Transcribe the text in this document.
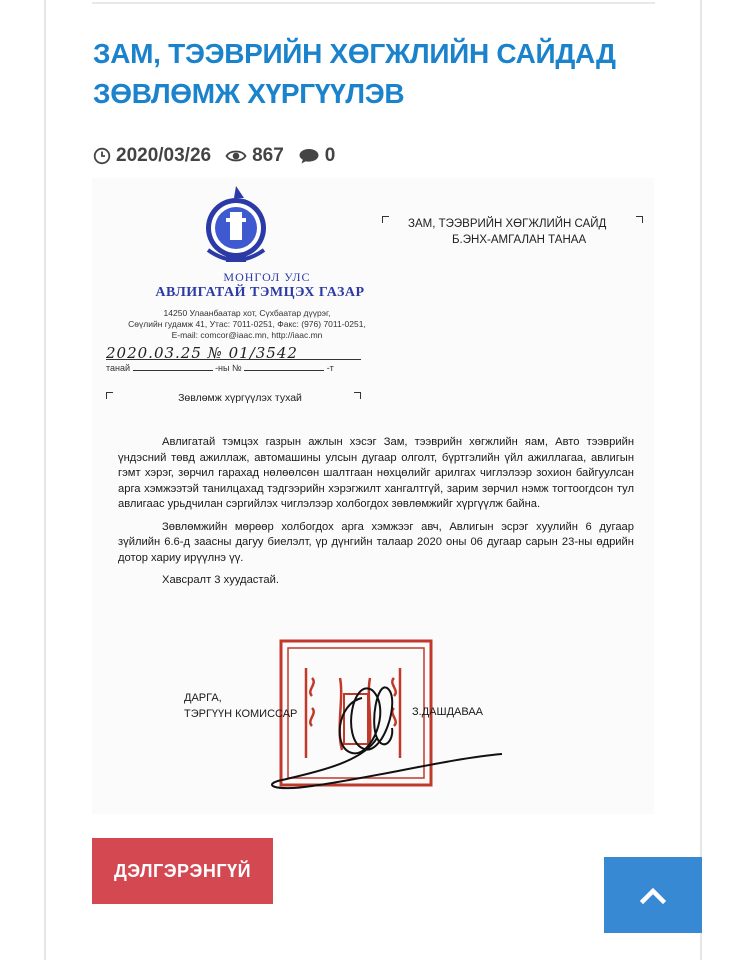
ЗАМ, ТЭЭВРИЙН ХӨГЖЛИЙН САЙДАД
ЗӨВЛӨМЖ ХҮРГҮҮЛЭВ
2020/03/26 867 0
МОНГОЛ УЛС
АВЛИГАТАЙ ТЭМЦЭХ ГАЗАР
14250 Улаанбаатар хот, Сүхбаатар дүүрэг,
Сөүлийн гудамж 41, Утас: 7011-0251, Факс: (976) 7011-0251,
E-mail: comcor@iaac.mn, http://iaac.mn
2020.03.25 № 01/3542
танай	-ны №	-т
ЗАМ, ТЭЭВРИЙН ХӨГЖЛИЙН САЙД
Б.ЭНХ-АМГАЛАН ТАНАА
Зөвлөмж хүргүүлэх тухай

Авлигатай тэмцэх газрын ажлын хэсэг Зам, тээврийн хөгжлийн яам, Авто тээврийн үндэсний төвд ажиллаж, автомашины улсын дугаар олголт, бүртгэлийн үйл ажиллагаа, авлигын гэмт хэрэг, зөрчил гарахад нөлөөлсөн шалтгаан нөхцөлийг арилгах чиглэлээр зохион байгуулсан арга хэмжээтэй танилцахад тэдгээрийн хэрэгжилт хангалтгүй, зарим зөрчил нэмж тогтоогдсон тул авлигаас урьдчилан сэргийлэх чиглэлээр холбогдох зөвлөмжийг хүргүүлж байна.

Зөвлөмжийн мөрөөр холбогдох арга хэмжээг авч, Авлигын эсрэг хуулийн 6 дугаар зүйлийн 6.6-д заасны дагуу биелэлт, үр дүнгийн талаар 2020 оны 06 дугаар сарын 23-ны өдрийн дотор хариу ирүүлнэ үү.

Хавсралт 3 хуудастай.

ДАРГА,
ТЭРГҮҮН КОМИССАР	З.ДАШДАВАА
ДЭЛГЭРЭНГҮЙ
